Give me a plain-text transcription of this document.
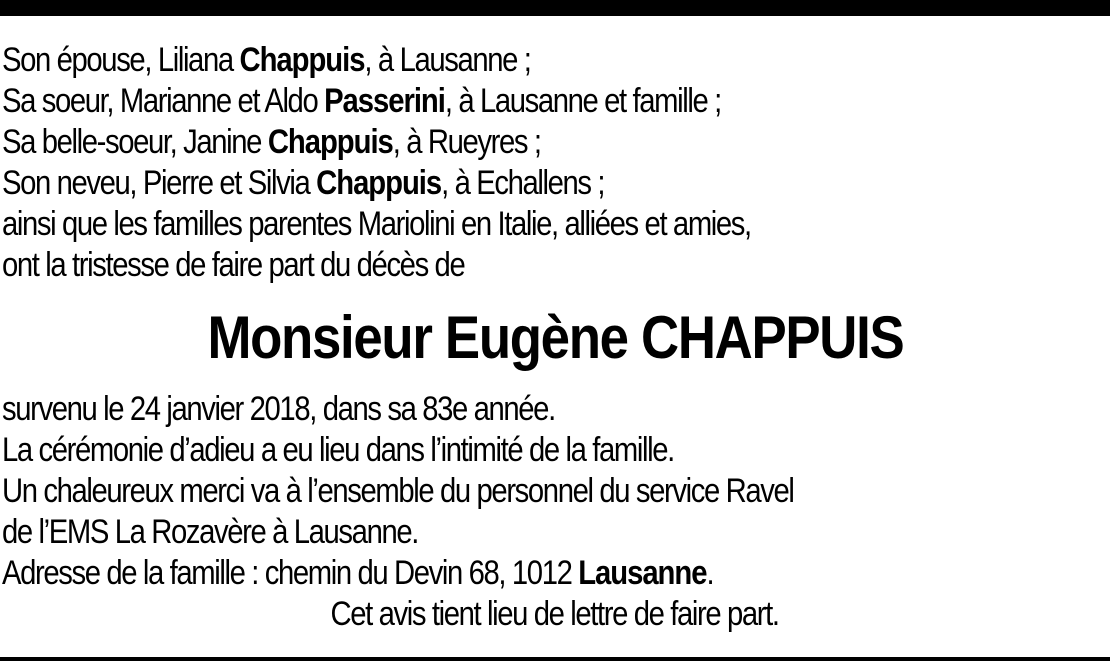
Son épouse, Liliana Chappuis, à Lausanne ;
Sa soeur, Marianne et Aldo Passerini, à Lausanne et famille ;
Sa belle-soeur, Janine Chappuis, à Rueyres ;
Son neveu, Pierre et Silvia Chappuis, à Echallens ;
ainsi que les familles parentes Mariolini en Italie, alliées et amies,
ont la tristesse de faire part du décès de
Monsieur Eugène CHAPPUIS
survenu le 24 janvier 2018, dans sa 83e année.
La cérémonie d’adieu a eu lieu dans l’intimité de la famille.
Un chaleureux merci va à l’ensemble du personnel du service Ravel
de l’EMS La Rozavère à Lausanne.
Adresse de la famille : chemin du Devin 68, 1012 Lausanne.
Cet avis tient lieu de lettre de faire part.
